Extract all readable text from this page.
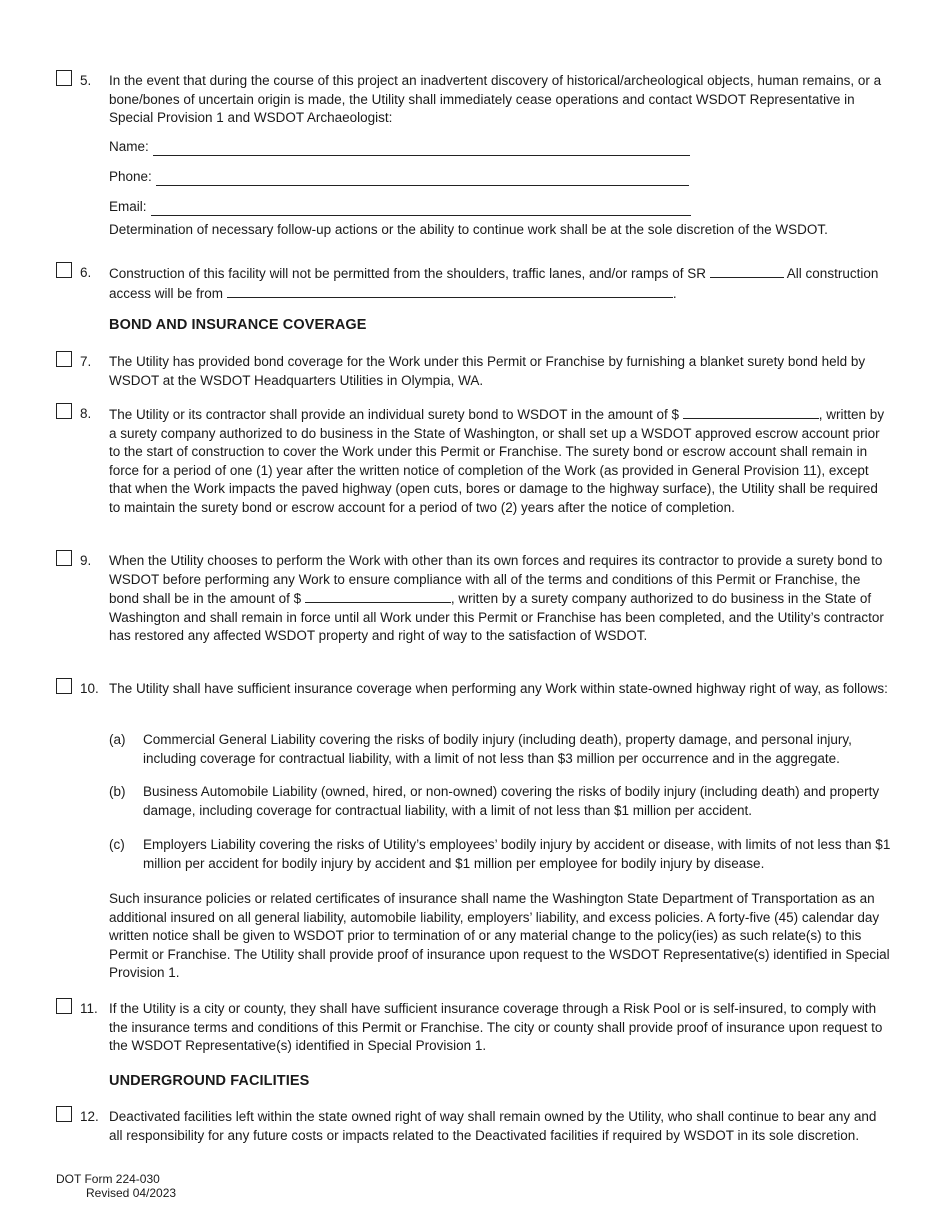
5. In the event that during the course of this project an inadvertent discovery of historical/archeological objects, human remains, or a bone/bones of uncertain origin is made, the Utility shall immediately cease operations and contact WSDOT Representative in Special Provision 1 and WSDOT Archaeologist:
Name:
Phone:
Email:
Determination of necessary follow-up actions or the ability to continue work shall be at the sole discretion of the WSDOT.
6. Construction of this facility will not be permitted from the shoulders, traffic lanes, and/or ramps of SR	All construction access will be from	.
BOND AND INSURANCE COVERAGE
7. The Utility has provided bond coverage for the Work under this Permit or Franchise by furnishing a blanket surety bond held by WSDOT at the WSDOT Headquarters Utilities in Olympia, WA.
8. The Utility or its contractor shall provide an individual surety bond to WSDOT in the amount of $	, written by a surety company authorized to do business in the State of Washington, or shall set up a WSDOT approved escrow account prior to the start of construction to cover the Work under this Permit or Franchise. The surety bond or escrow account shall remain in force for a period of one (1) year after the written notice of completion of the Work (as provided in General Provision 11), except that when the Work impacts the paved highway (open cuts, bores or damage to the highway surface), the Utility shall be required to maintain the surety bond or escrow account for a period of two (2) years after the notice of completion.
9. When the Utility chooses to perform the Work with other than its own forces and requires its contractor to provide a surety bond to WSDOT before performing any Work to ensure compliance with all of the terms and conditions of this Permit or Franchise, the bond shall be in the amount of $	, written by a surety company authorized to do business in the State of Washington and shall remain in force until all Work under this Permit or Franchise has been completed, and the Utility’s contractor has restored any affected WSDOT property and right of way to the satisfaction of WSDOT.
10. The Utility shall have sufficient insurance coverage when performing any Work within state-owned highway right of way, as follows:
(a) Commercial General Liability covering the risks of bodily injury (including death), property damage, and personal injury, including coverage for contractual liability, with a limit of not less than $3 million per occurrence and in the aggregate.
(b) Business Automobile Liability (owned, hired, or non-owned) covering the risks of bodily injury (including death) and property damage, including coverage for contractual liability, with a limit of not less than $1 million per accident.
(c) Employers Liability covering the risks of Utility’s employees’ bodily injury by accident or disease, with limits of not less than $1 million per accident for bodily injury by accident and $1 million per employee for bodily injury by disease.
Such insurance policies or related certificates of insurance shall name the Washington State Department of Transportation as an additional insured on all general liability, automobile liability, employers’ liability, and excess policies. A forty-five (45) calendar day written notice shall be given to WSDOT prior to termination of or any material change to the policy(ies) as such relate(s) to this Permit or Franchise. The Utility shall provide proof of insurance upon request to the WSDOT Representative(s) identified in Special Provision 1.
11. If the Utility is a city or county, they shall have sufficient insurance coverage through a Risk Pool or is self-insured, to comply with the insurance terms and conditions of this Permit or Franchise. The city or county shall provide proof of insurance upon request to the WSDOT Representative(s) identified in Special Provision 1.
UNDERGROUND FACILITIES
12. Deactivated facilities left within the state owned right of way shall remain owned by the Utility, who shall continue to bear any and all responsibility for any future costs or impacts related to the Deactivated facilities if required by WSDOT in its sole discretion.
DOT Form 224-030
Revised 04/2023
